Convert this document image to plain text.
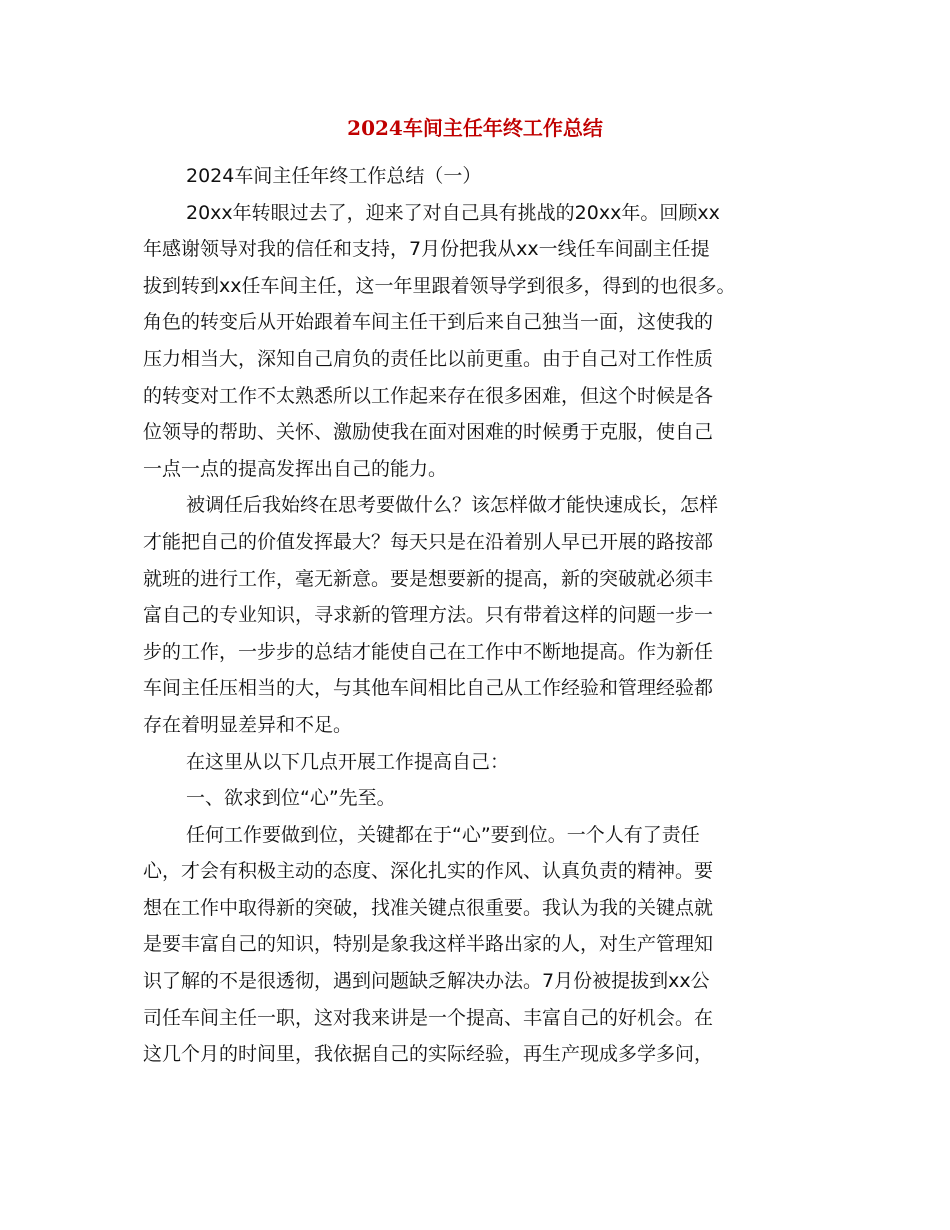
2024车间主任年终工作总结
2024车间主任年终工作总结（一）
20xx年转眼过去了，迎来了对自己具有挑战的20xx年。回顾xx
年感谢领导对我的信任和支持，7月份把我从xx一线任车间副主任提
拔到转到xx任车间主任，这一年里跟着领导学到很多，得到的也很多。
角色的转变后从开始跟着车间主任干到后来自己独当一面，这使我的
压力相当大，深知自己肩负的责任比以前更重。由于自己对工作性质
的转变对工作不太熟悉所以工作起来存在很多困难，但这个时候是各
位领导的帮助、关怀、激励使我在面对困难的时候勇于克服，使自己
一点一点的提高发挥出自己的能力。
被调任后我始终在思考要做什么？该怎样做才能快速成长，怎样
才能把自己的价值发挥最大？每天只是在沿着别人早已开展的路按部
就班的进行工作，毫无新意。要是想要新的提高，新的突破就必须丰
富自己的专业知识，寻求新的管理方法。只有带着这样的问题一步一
步的工作，一步步的总结才能使自己在工作中不断地提高。作为新任
车间主任压相当的大，与其他车间相比自己从工作经验和管理经验都
存在着明显差异和不足。
在这里从以下几点开展工作提高自己：
一、欲求到位“心”先至。
任何工作要做到位，关键都在于“心”要到位。一个人有了责任
心，才会有积极主动的态度、深化扎实的作风、认真负责的精神。要
想在工作中取得新的突破，找准关键点很重要。我认为我的关键点就
是要丰富自己的知识，特别是象我这样半路出家的人，对生产管理知
识了解的不是很透彻，遇到问题缺乏解决办法。7月份被提拔到xx公
司任车间主任一职，这对我来讲是一个提高、丰富自己的好机会。在
这几个月的时间里，我依据自己的实际经验，再生产现成多学多问，
